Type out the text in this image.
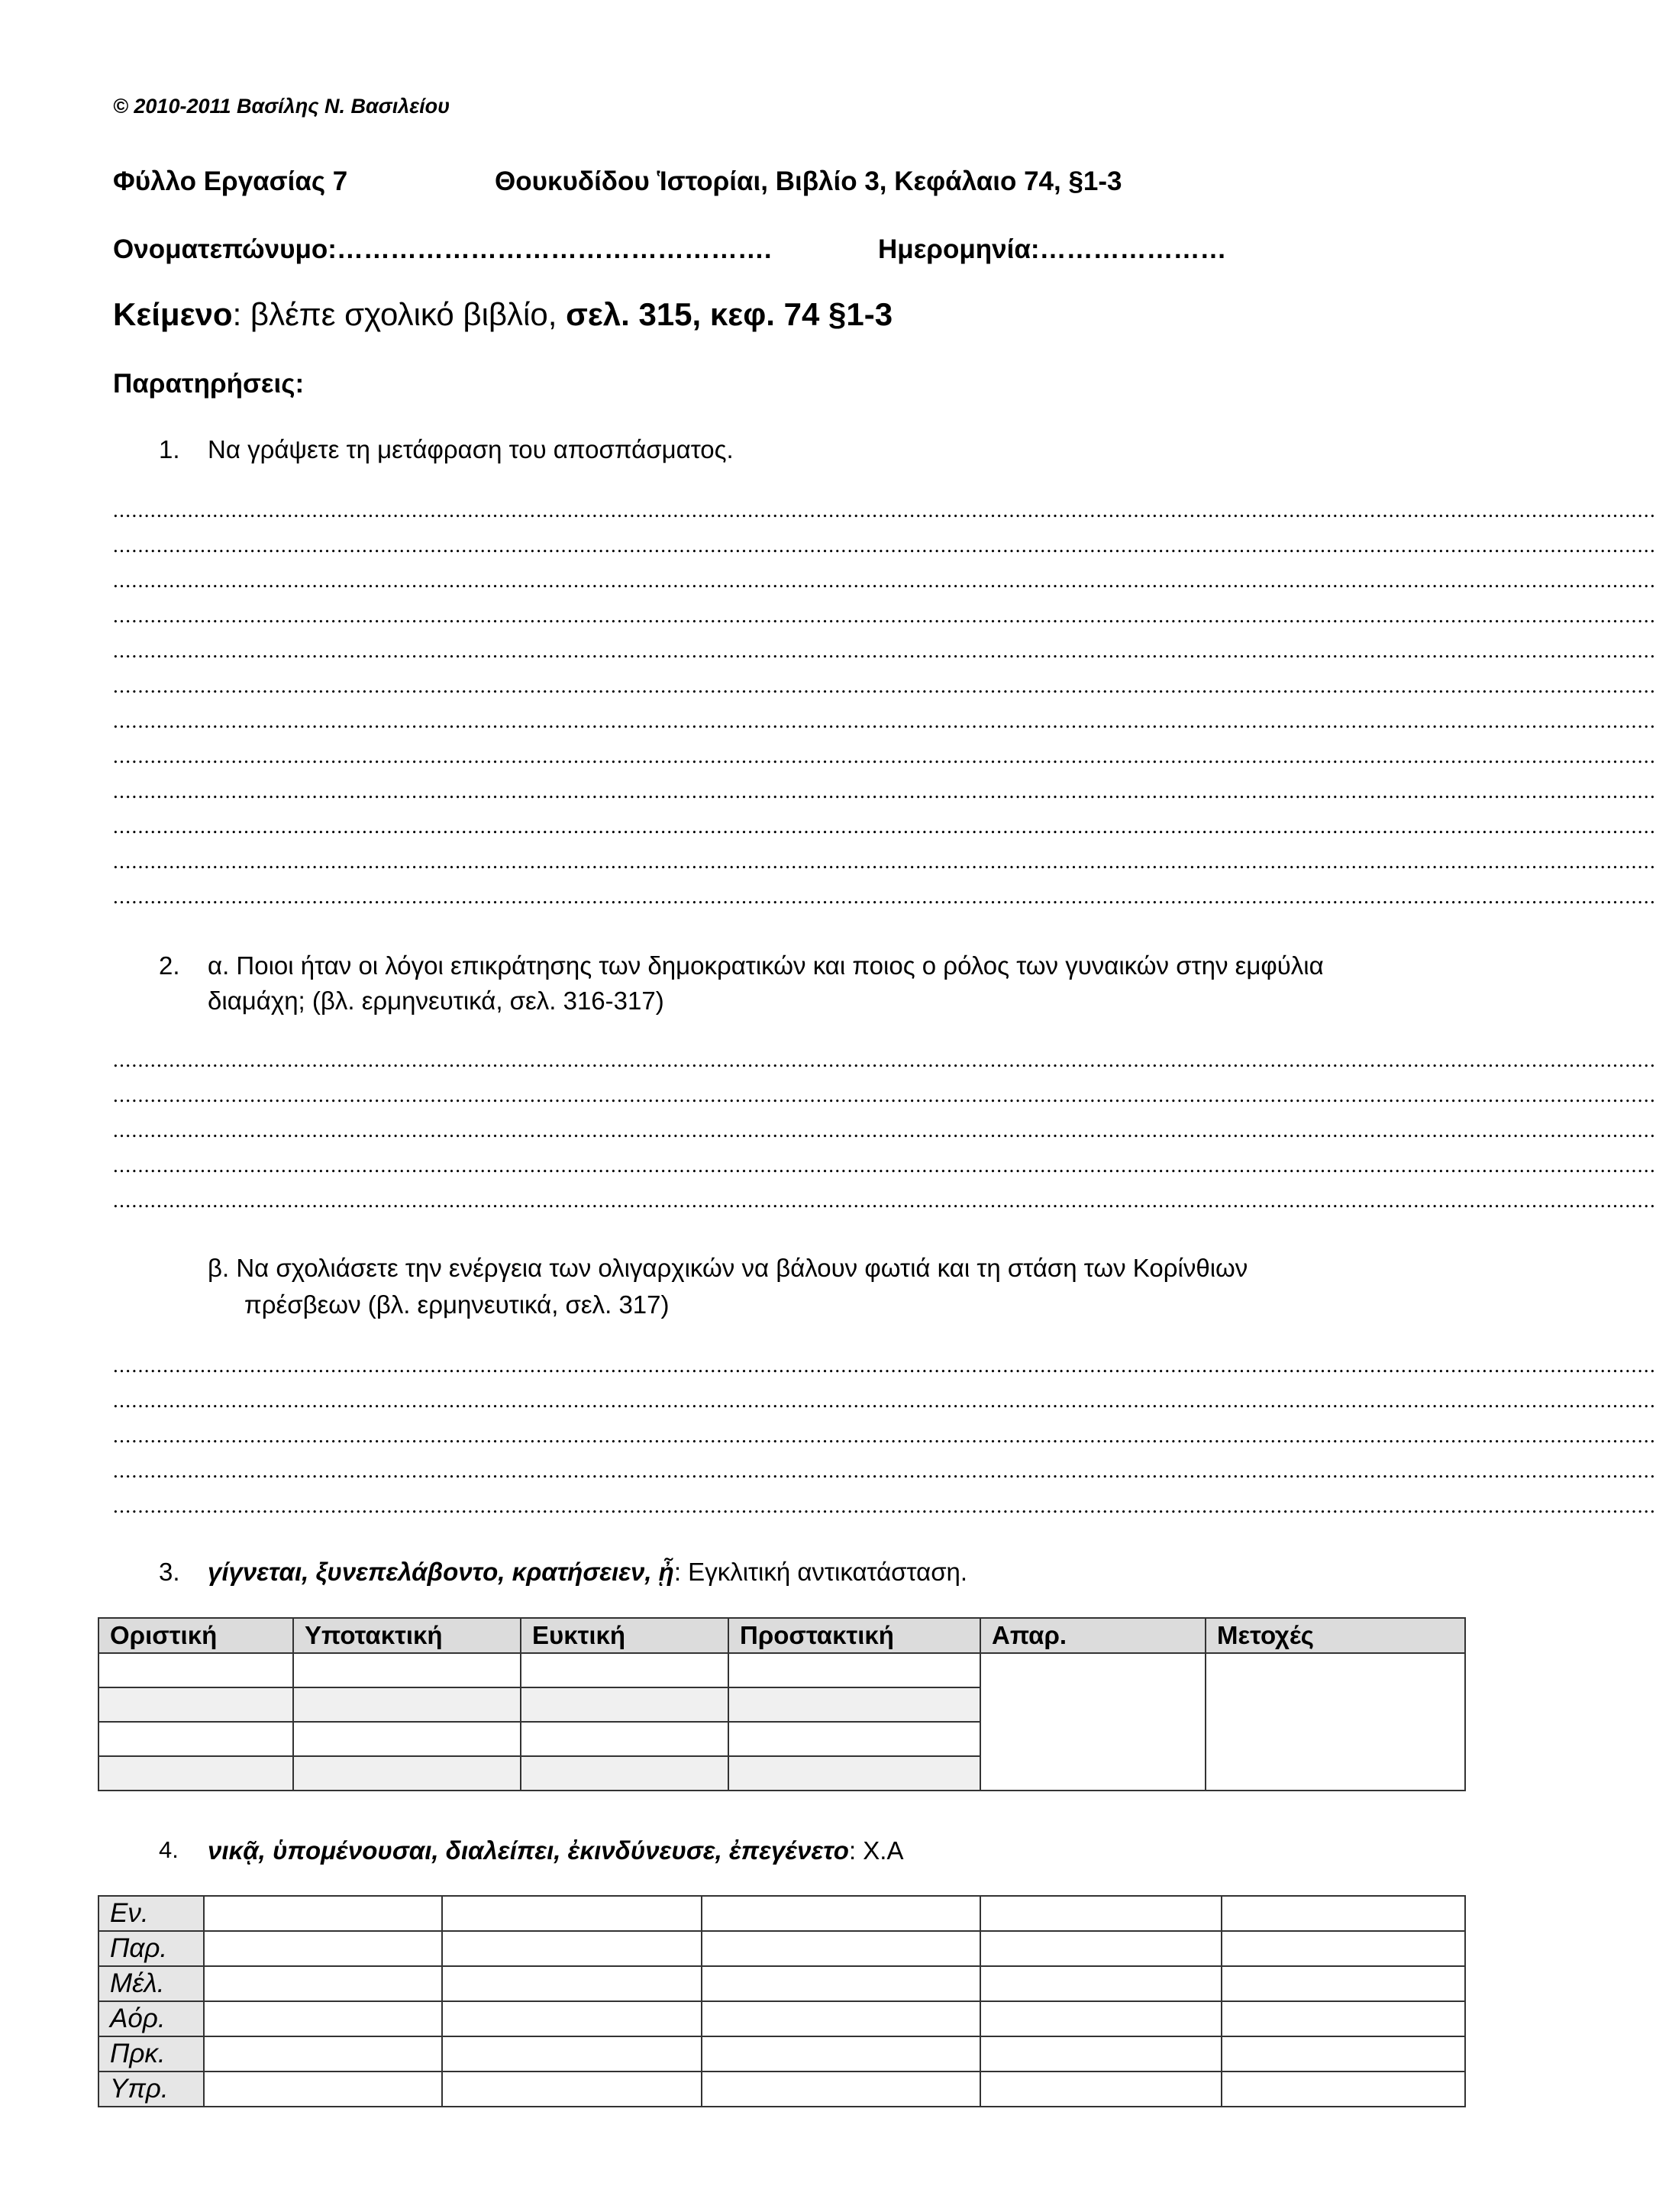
© 2010-2011 Βασίλης Ν. Βασιλείου
Φύλλο Εργασίας 7	Θουκυδίδου Ἱστορίαι, Βιβλίο 3, Κεφάλαιο 74, §1-3
Ονοματεπώνυμο:………………………………………….	Ημερομηνία:…………………
Κείμενο: βλέπε σχολικό βιβλίο, σελ. 315, κεφ. 74 §1-3
Παρατηρήσεις:
1. Να γράψετε τη μετάφραση του αποσπάσματος.
........................................................................................................................................................................................................................................................
........................................................................................................................................................................................................................................................
........................................................................................................................................................................................................................................................
........................................................................................................................................................................................................................................................
........................................................................................................................................................................................................................................................
........................................................................................................................................................................................................................................................
........................................................................................................................................................................................................................................................
........................................................................................................................................................................................................................................................
........................................................................................................................................................................................................................................................
........................................................................................................................................................................................................................................................
........................................................................................................................................................................................................................................................
........................................................................................................................................................................................................................................................
2. α. Ποιοι ήταν οι λόγοι επικράτησης των δημοκρατικών και ποιος ο ρόλος των γυναικών στην εμφύλια
διαμάχη; (βλ. ερμηνευτικά, σελ. 316-317)
........................................................................................................................................................................................................................................................
........................................................................................................................................................................................................................................................
........................................................................................................................................................................................................................................................
........................................................................................................................................................................................................................................................
........................................................................................................................................................................................................................................................
β. Να σχολιάσετε την ενέργεια των ολιγαρχικών να βάλουν φωτιά και τη στάση των Κορίνθιων
πρέσβεων (βλ. ερμηνευτικά, σελ. 317)
........................................................................................................................................................................................................................................................
........................................................................................................................................................................................................................................................
........................................................................................................................................................................................................................................................
........................................................................................................................................................................................................................................................
........................................................................................................................................................................................................................................................
3. γίγνεται, ξυνεπελάβοντο, κρατήσειεν, ᾖ: Εγκλιτική αντικατάσταση.
Οριστική	Υποτακτική	Ευκτική	Προστακτική	Απαρ.	Μετοχές

4. νικᾷ, ὑπομένουσαι, διαλείπει, ἐκινδύνευσε, ἐπεγένετο: Χ.Α
Εν.					
Παρ.					
Μέλ.					
Αόρ.					
Πρκ.					
Υπρ.					
